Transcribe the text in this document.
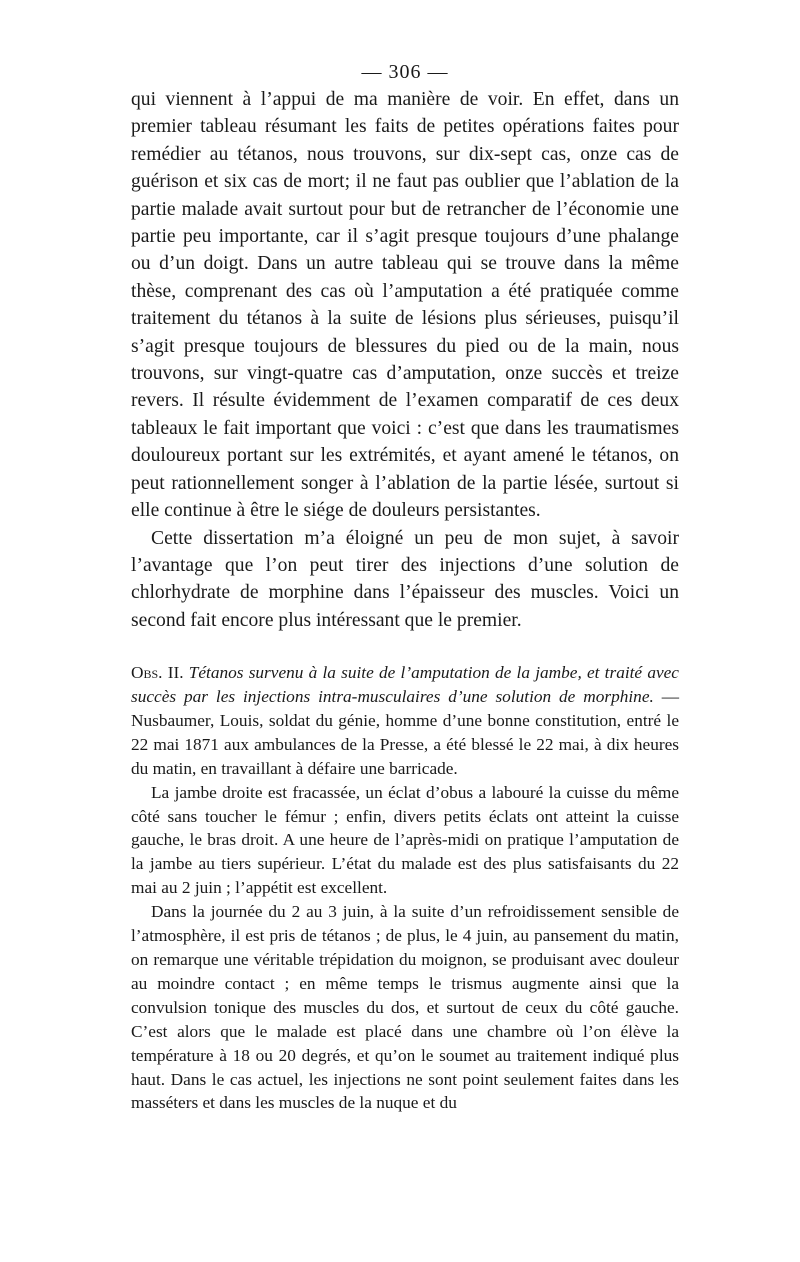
— 306 —

qui viennent à l’appui de ma manière de voir. En effet, dans un premier tableau résumant les faits de petites opérations faites pour remédier au tétanos, nous trouvons, sur dix-sept cas, onze cas de guérison et six cas de mort; il ne faut pas oublier que l’ablation de la partie malade avait surtout pour but de retrancher de l’économie une partie peu importante, car il s’agit presque toujours d’une phalange ou d’un doigt. Dans un autre tableau qui se trouve dans la même thèse, comprenant des cas où l’amputation a été pratiquée comme traitement du tétanos à la suite de lésions plus sérieuses, puisqu’il s’agit presque toujours de blessures du pied ou de la main, nous trouvons, sur vingt-quatre cas d’amputation, onze succès et treize revers. Il résulte évidemment de l’examen comparatif de ces deux tableaux le fait important que voici : c’est que dans les traumatismes douloureux portant sur les extrémités, et ayant amené le tétanos, on peut rationnellement songer à l’ablation de la partie lésée, surtout si elle continue à être le siége de douleurs persistantes.

Cette dissertation m’a éloigné un peu de mon sujet, à savoir l’avantage que l’on peut tirer des injections d’une solution de chlorhydrate de morphine dans l’épaisseur des muscles. Voici un second fait encore plus intéressant que le premier.

Obs. II. Tétanos survenu à la suite de l’amputation de la jambe, et traité avec succès par les injections intra-musculaires d’une solution de morphine. — Nusbaumer, Louis, soldat du génie, homme d’une bonne constitution, entré le 22 mai 1871 aux ambulances de la Presse, a été blessé le 22 mai, à dix heures du matin, en travaillant à défaire une barricade.

La jambe droite est fracassée, un éclat d’obus a labouré la cuisse du même côté sans toucher le fémur ; enfin, divers petits éclats ont atteint la cuisse gauche, le bras droit. A une heure de l’après-midi on pratique l’amputation de la jambe au tiers supérieur. L’état du malade est des plus satisfaisants du 22 mai au 2 juin ; l’appétit est excellent.

Dans la journée du 2 au 3 juin, à la suite d’un refroidissement sensible de l’atmosphère, il est pris de tétanos ; de plus, le 4 juin, au pansement du matin, on remarque une véritable trépidation du moignon, se produisant avec douleur au moindre contact ; en même temps le trismus augmente ainsi que la convulsion tonique des muscles du dos, et surtout de ceux du côté gauche. C’est alors que le malade est placé dans une chambre où l’on élève la température à 18 ou 20 degrés, et qu’on le soumet au traitement indiqué plus haut. Dans le cas actuel, les injections ne sont point seulement faites dans les masséters et dans les muscles de la nuque et du
